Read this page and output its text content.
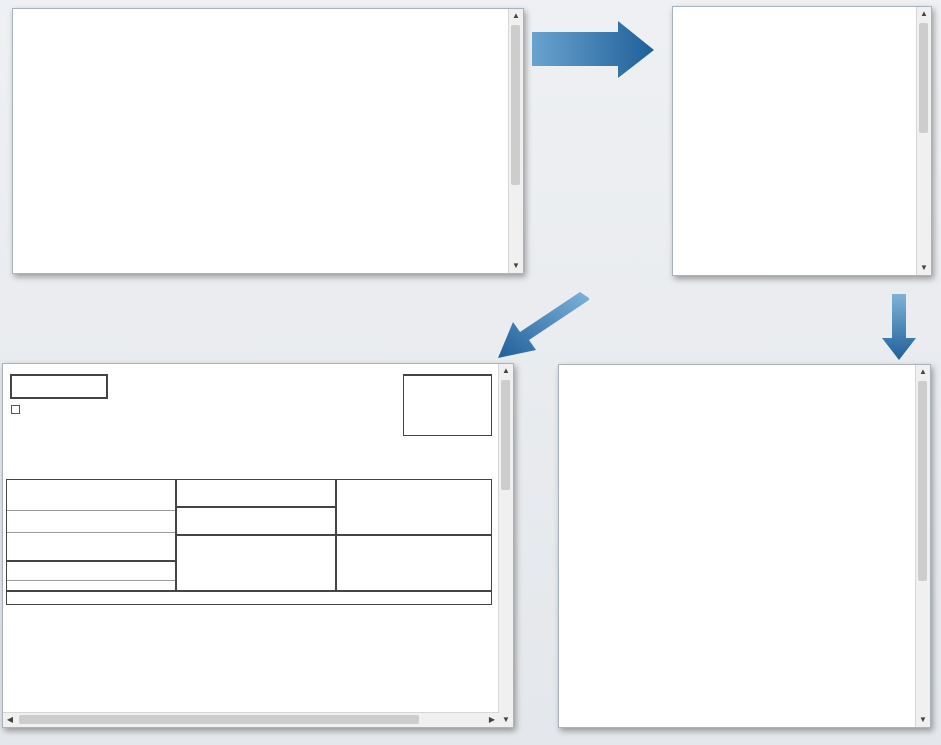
▲
▼
▲
▼
▲
▼
◀	▶
▲
▼
